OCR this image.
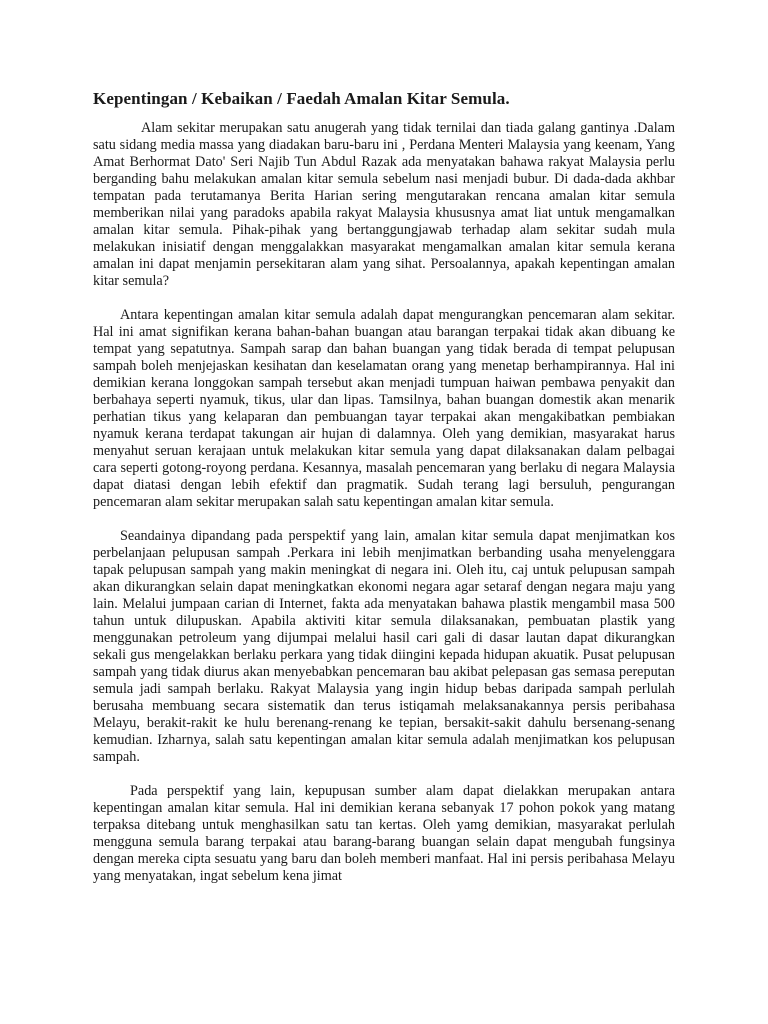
Kepentingan / Kebaikan / Faedah Amalan Kitar Semula.

Alam sekitar merupakan satu anugerah yang tidak ternilai dan tiada galang gantinya .Dalam satu sidang media massa yang diadakan baru-baru ini , Perdana Menteri Malaysia yang keenam, Yang Amat Berhormat Dato' Seri Najib Tun Abdul Razak ada menyatakan bahawa rakyat Malaysia perlu berganding bahu melakukan amalan kitar semula sebelum nasi menjadi bubur. Di dada-dada akhbar tempatan pada terutamanya Berita Harian sering mengutarakan rencana amalan kitar semula memberikan nilai yang paradoks apabila rakyat Malaysia khususnya amat liat untuk mengamalkan amalan kitar semula. Pihak-pihak yang bertanggungjawab terhadap alam sekitar sudah mula melakukan inisiatif dengan menggalakkan masyarakat mengamalkan amalan kitar semula kerana amalan ini dapat menjamin persekitaran alam yang sihat. Persoalannya, apakah kepentingan amalan kitar semula?

Antara kepentingan amalan kitar semula adalah dapat mengurangkan pencemaran alam sekitar. Hal ini amat signifikan kerana bahan-bahan buangan atau barangan terpakai tidak akan dibuang ke tempat yang sepatutnya. Sampah sarap dan bahan buangan yang tidak berada di tempat pelupusan sampah boleh menjejaskan kesihatan dan keselamatan orang yang menetap berhampirannya. Hal ini demikian kerana longgokan sampah tersebut akan menjadi tumpuan haiwan pembawa penyakit dan berbahaya seperti nyamuk, tikus, ular dan lipas. Tamsilnya, bahan buangan domestik akan menarik perhatian tikus yang kelaparan dan pembuangan tayar terpakai akan mengakibatkan pembiakan nyamuk kerana terdapat takungan air hujan di dalamnya. Oleh yang demikian, masyarakat harus menyahut seruan kerajaan untuk melakukan kitar semula yang dapat dilaksanakan dalam pelbagai cara seperti gotong-royong perdana. Kesannya, masalah pencemaran yang berlaku di negara Malaysia dapat diatasi dengan lebih efektif dan pragmatik. Sudah terang lagi bersuluh, pengurangan pencemaran alam sekitar merupakan salah satu kepentingan amalan kitar semula.

Seandainya dipandang pada perspektif yang lain, amalan kitar semula dapat menjimatkan kos perbelanjaan pelupusan sampah .Perkara ini lebih menjimatkan berbanding usaha menyelenggara tapak pelupusan sampah yang makin meningkat di negara ini. Oleh itu, caj untuk pelupusan sampah akan dikurangkan selain dapat meningkatkan ekonomi negara agar setaraf dengan negara maju yang lain. Melalui jumpaan carian di Internet, fakta ada menyatakan bahawa plastik mengambil masa 500 tahun untuk dilupuskan. Apabila aktiviti kitar semula dilaksanakan, pembuatan plastik yang menggunakan petroleum yang dijumpai melalui hasil cari gali di dasar lautan dapat dikurangkan sekali gus mengelakkan berlaku perkara yang tidak diingini kepada hidupan akuatik. Pusat pelupusan sampah yang tidak diurus akan menyebabkan pencemaran bau akibat pelepasan gas semasa pereputan semula jadi sampah berlaku. Rakyat Malaysia yang ingin hidup bebas daripada sampah perlulah berusaha membuang secara sistematik dan terus istiqamah melaksanakannya persis peribahasa Melayu, berakit-rakit ke hulu berenang-renang ke tepian, bersakit-sakit dahulu bersenang-senang kemudian. Izharnya, salah satu kepentingan amalan kitar semula adalah menjimatkan kos pelupusan sampah.

Pada perspektif yang lain, kepupusan sumber alam dapat dielakkan merupakan antara kepentingan amalan kitar semula. Hal ini demikian kerana sebanyak 17 pohon pokok yang matang terpaksa ditebang untuk menghasilkan satu tan kertas. Oleh yamg demikian, masyarakat perlulah mengguna semula barang terpakai atau barang-barang buangan selain dapat mengubah fungsinya dengan mereka cipta sesuatu yang baru dan boleh memberi manfaat. Hal ini persis peribahasa Melayu yang menyatakan, ingat sebelum kena jimat
